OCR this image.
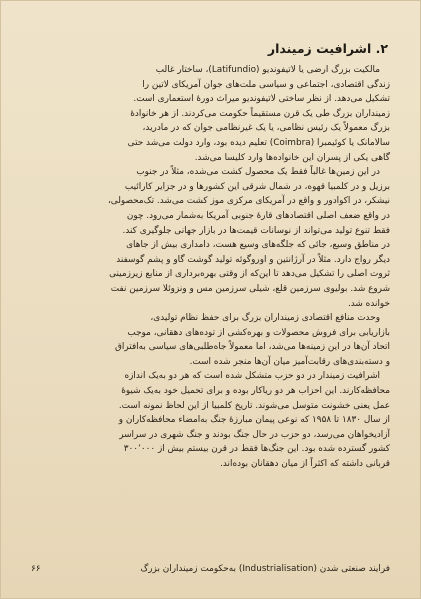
۲. اشرافیت زمیندار

مالکیت بزرگ ارضی یا لاتیفوندیو (Latifundio)، ساختار غالب
زندگی اقتصادی، اجتماعی و سیاسی ملت‌های جوان آمریکای لاتین را
تشکیل می‌دهد. از نظر ساختی لاتیفوندیو میراث دورهٔ استعماری است.
زمینداران بزرگ طی یک قرن مستقیماً حکومت می‌کردند. از هر خانوادهٔ
بزرگ معمولاً یک رئیس نظامی، یا یک غیرنظامی جوان که در مادرید،
سالامانک یا کوئیمبرا (Coimbra) تعلیم دیده بود، وارد دولت می‌شد حتی
گاهی یکی از پسران این خانواده‌ها وارد کلیسا می‌شد.

در این زمین‌ها غالباً فقط یک محصول کشت می‌شده، مثلاً در جنوب
برزیل و در کلمبیا قهوه، در شمال شرقی این کشورها و در جزایر کارائیب
نیشکر، در اکوادور و واقع در آمریکای مرکزی موز کشت می‌شد. تک‌محصولی،
در واقع ضعف اصلی اقتصادهای قارهٔ جنوبی آمریکا به‌شمار می‌رود. چون
فقط تنوع تولید می‌تواند از نوسانات قیمت‌ها در بازار جهانی جلوگیری کند.
در مناطق وسیع، جائی که جلگه‌های وسیع هست، دامداری بیش از جاهای
دیگر رواج دارد. مثلاً در آرژانتین و اوروگوئه تولید گوشت گاو و پشم گوسفند
ثروت اصلی را تشکیل می‌دهد تا این‌که از وقتی بهره‌برداری از منابع زیرزمینی
شروع شد. بولیوی سرزمین قلع، شیلی سرزمین مس و ونزوئلا سرزمین نفت
خوانده شد.

وحدت منافع اقتصادی زمینداران بزرگ برای حفظ نظام تولیدی،
بازاریابی برای فروش محصولات و بهره‌کشی از توده‌های دهقانی، موجب
اتحاد آن‌ها در این زمینه‌ها می‌شد، اما معمولاً جاه‌طلبی‌های سیاسی به‌افتراق
و دسته‌بندی‌های رقابت‌آمیز میان آن‌ها منجر شده است.

اشرافیت زمیندار در دو حزب متشکل شده است که هر دو به‌یک اندازه
محافظه‌کارند. این احزاب هر دو ریاکار بوده و برای تحمیل خود به‌یک شیوهٔ
عمل یعنی خشونت متوسل می‌شوند. تاریخ کلمبیا از این لحاظ نمونه است.
از سال ۱۸۳۰ تا ۱۹۵۸ که نوعی پیمان مبارزهٔ جنگ به‌امضاء محافظه‌کاران و
آزادیخواهان می‌رسد، دو حزب در حال جنگ بودند و جنگ شهری در سراسر
کشور گسترده شده بود. این جنگ‌ها فقط در قرن بیستم بیش از ۳۰۰٬۰۰۰
قربانی داشته که اکثراً از میان دهقانان بوده‌اند.

فرایند صنعتی شدن (Industrialisation) به‌حکومت زمینداران بزرگ
۶۶
